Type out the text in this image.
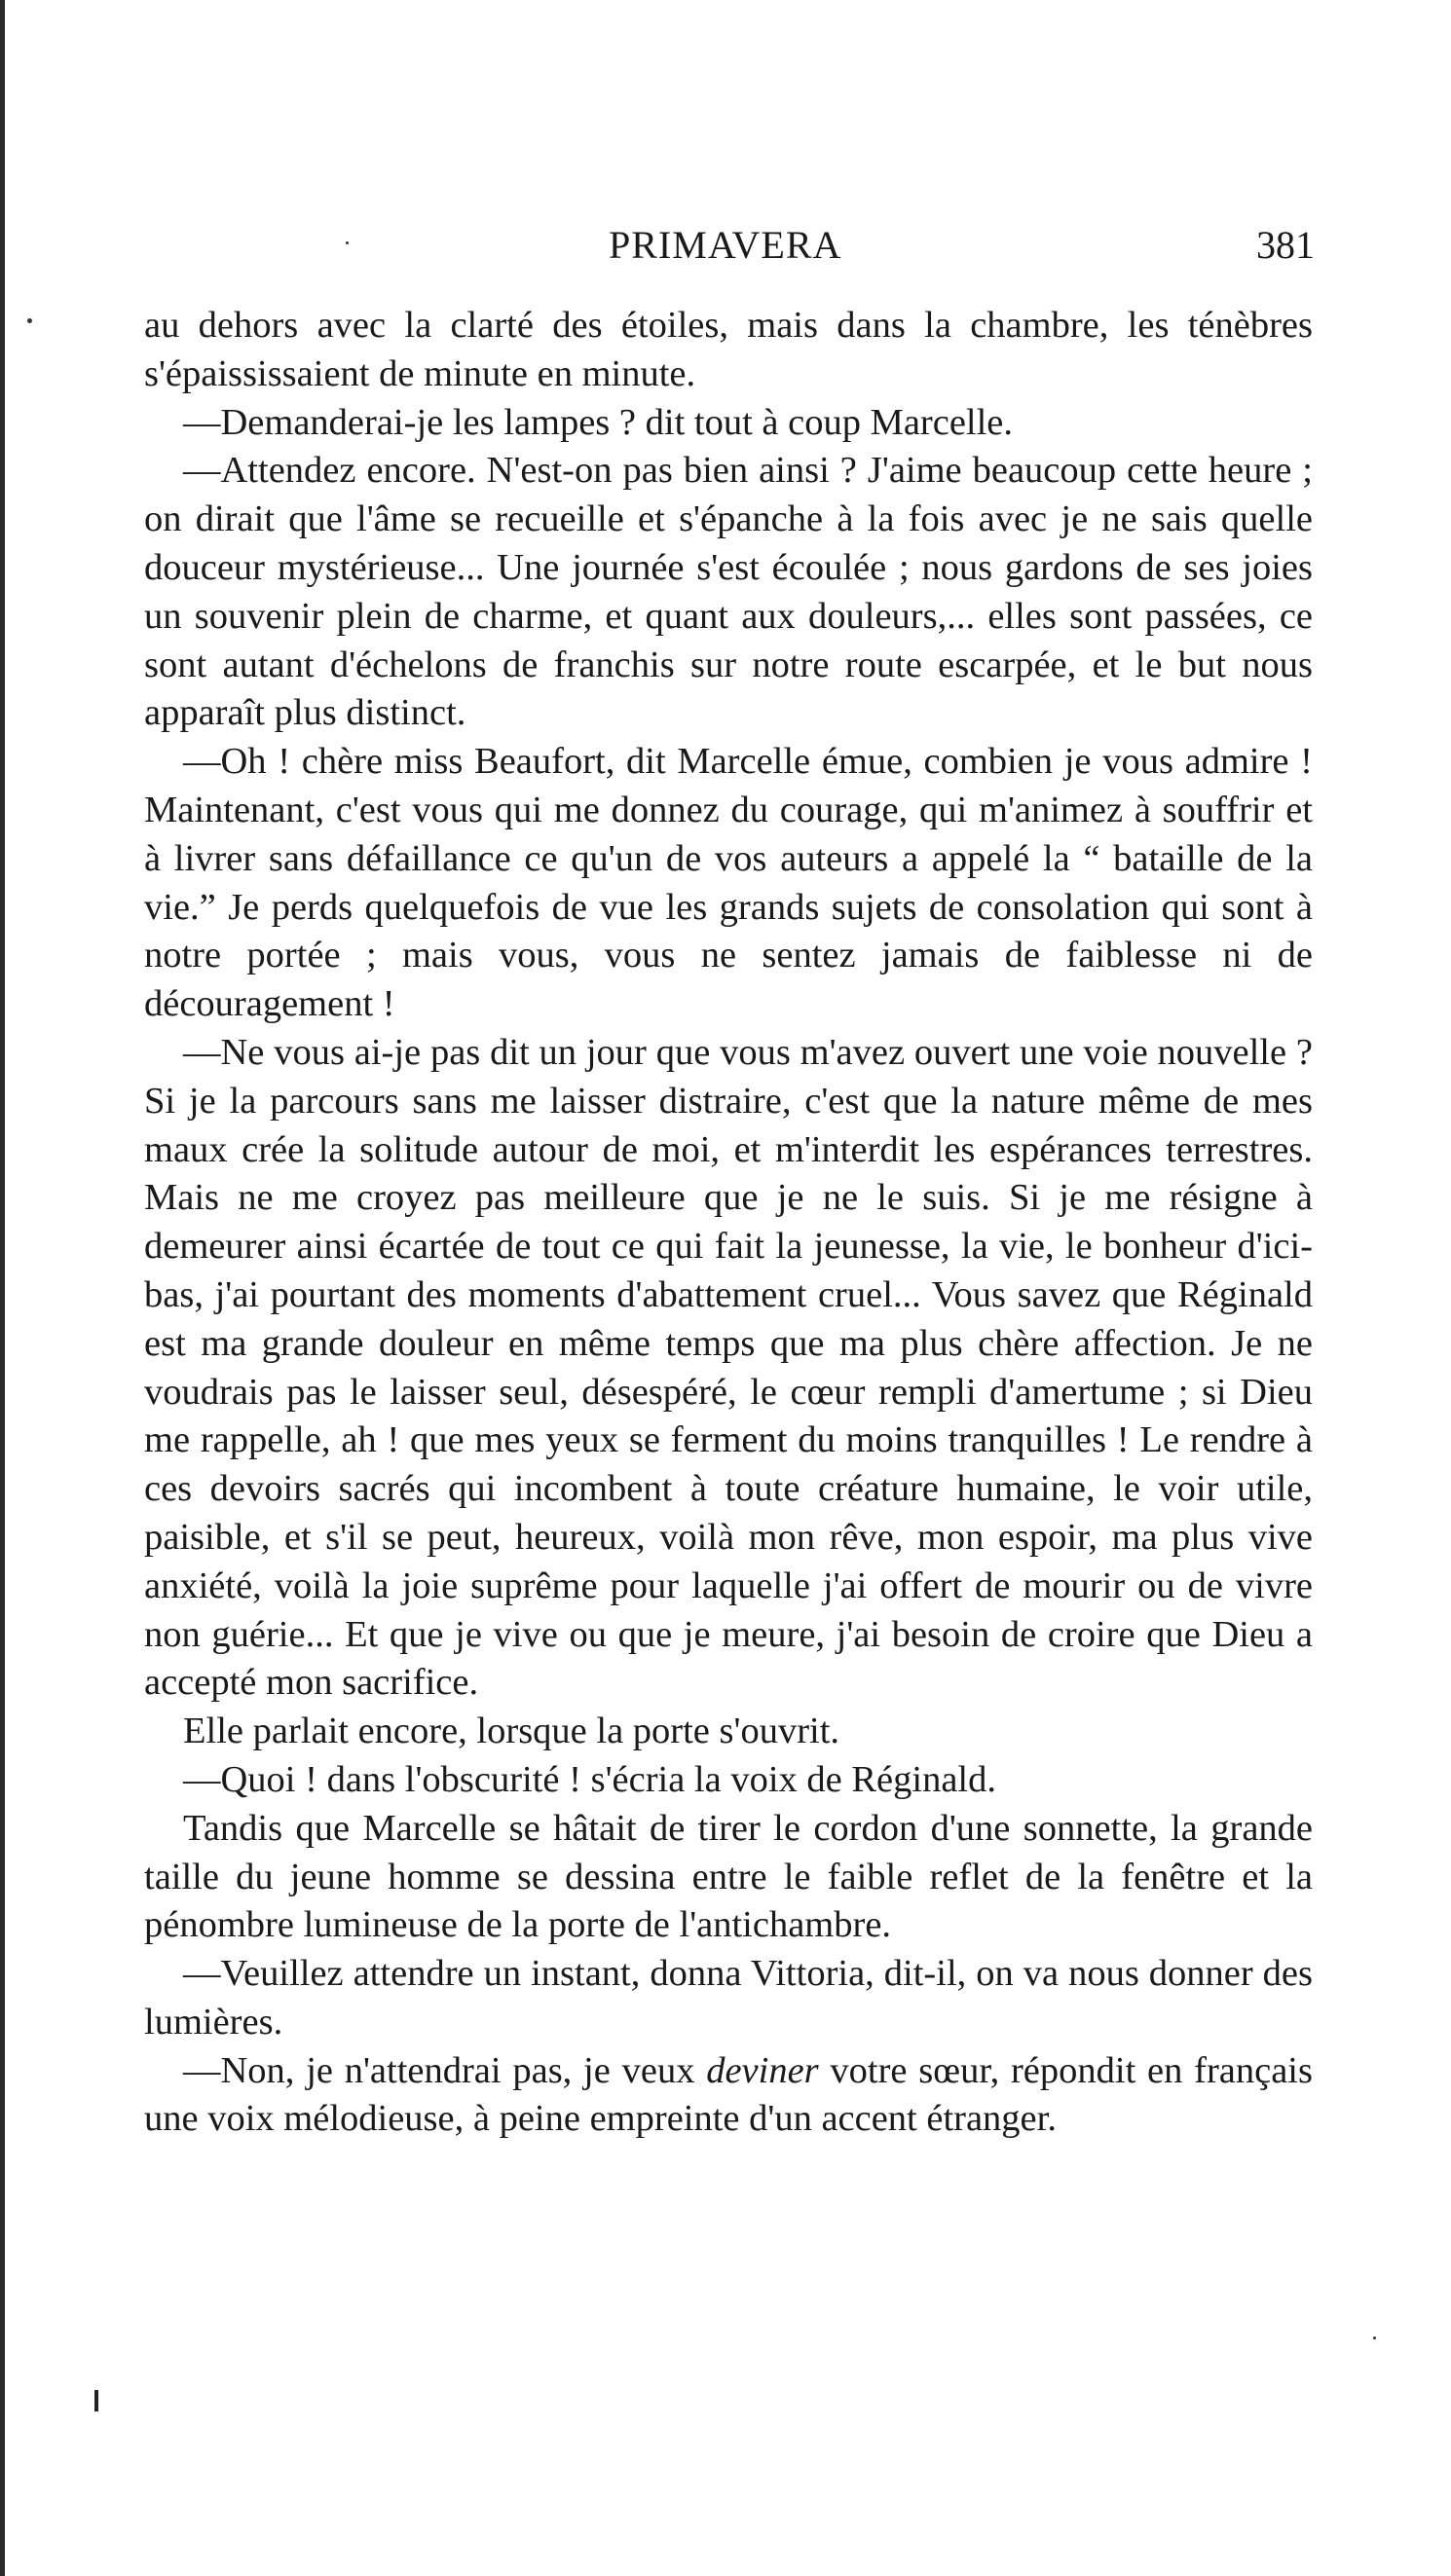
PRIMAVERA	381

au dehors avec la clarté des étoiles, mais dans la chambre, les ténèbres s'épaississaient de minute en minute.

—Demanderai-je les lampes ? dit tout à coup Marcelle.

—Attendez encore. N'est-on pas bien ainsi ? J'aime beaucoup cette heure ; on dirait que l'âme se recueille et s'épanche à la fois avec je ne sais quelle douceur mystérieuse... Une journée s'est écoulée ; nous gardons de ses joies un souvenir plein de charme, et quant aux douleurs,... elles sont passées, ce sont autant d'échelons de franchis sur notre route escarpée, et le but nous apparaît plus distinct.

—Oh ! chère miss Beaufort, dit Marcelle émue, combien je vous admire ! Maintenant, c'est vous qui me donnez du courage, qui m'animez à souffrir et à livrer sans défaillance ce qu'un de vos auteurs a appelé la “ bataille de la vie.” Je perds quelquefois de vue les grands sujets de consolation qui sont à notre portée ; mais vous, vous ne sentez jamais de faiblesse ni de découragement !

—Ne vous ai-je pas dit un jour que vous m'avez ouvert une voie nouvelle ? Si je la parcours sans me laisser distraire, c'est que la nature même de mes maux crée la solitude autour de moi, et m'interdit les espérances terrestres. Mais ne me croyez pas meilleure que je ne le suis. Si je me résigne à demeurer ainsi écartée de tout ce qui fait la jeunesse, la vie, le bonheur d'ici-bas, j'ai pourtant des moments d'abattement cruel... Vous savez que Réginald est ma grande douleur en même temps que ma plus chère affection. Je ne voudrais pas le laisser seul, désespéré, le cœur rempli d'amertume ; si Dieu me rappelle, ah ! que mes yeux se ferment du moins tranquilles ! Le rendre à ces devoirs sacrés qui incombent à toute créature humaine, le voir utile, paisible, et s'il se peut, heureux, voilà mon rêve, mon espoir, ma plus vive anxiété, voilà la joie suprême pour laquelle j'ai offert de mourir ou de vivre non guérie... Et que je vive ou que je meure, j'ai besoin de croire que Dieu a accepté mon sacrifice.

Elle parlait encore, lorsque la porte s'ouvrit.

—Quoi ! dans l'obscurité ! s'écria la voix de Réginald.

Tandis que Marcelle se hâtait de tirer le cordon d'une sonnette, la grande taille du jeune homme se dessina entre le faible reflet de la fenêtre et la pénombre lumineuse de la porte de l'antichambre.

—Veuillez attendre un instant, donna Vittoria, dit-il, on va nous donner des lumières.

—Non, je n'attendrai pas, je veux deviner votre sœur, répondit en français une voix mélodieuse, à peine empreinte d'un accent étranger.
